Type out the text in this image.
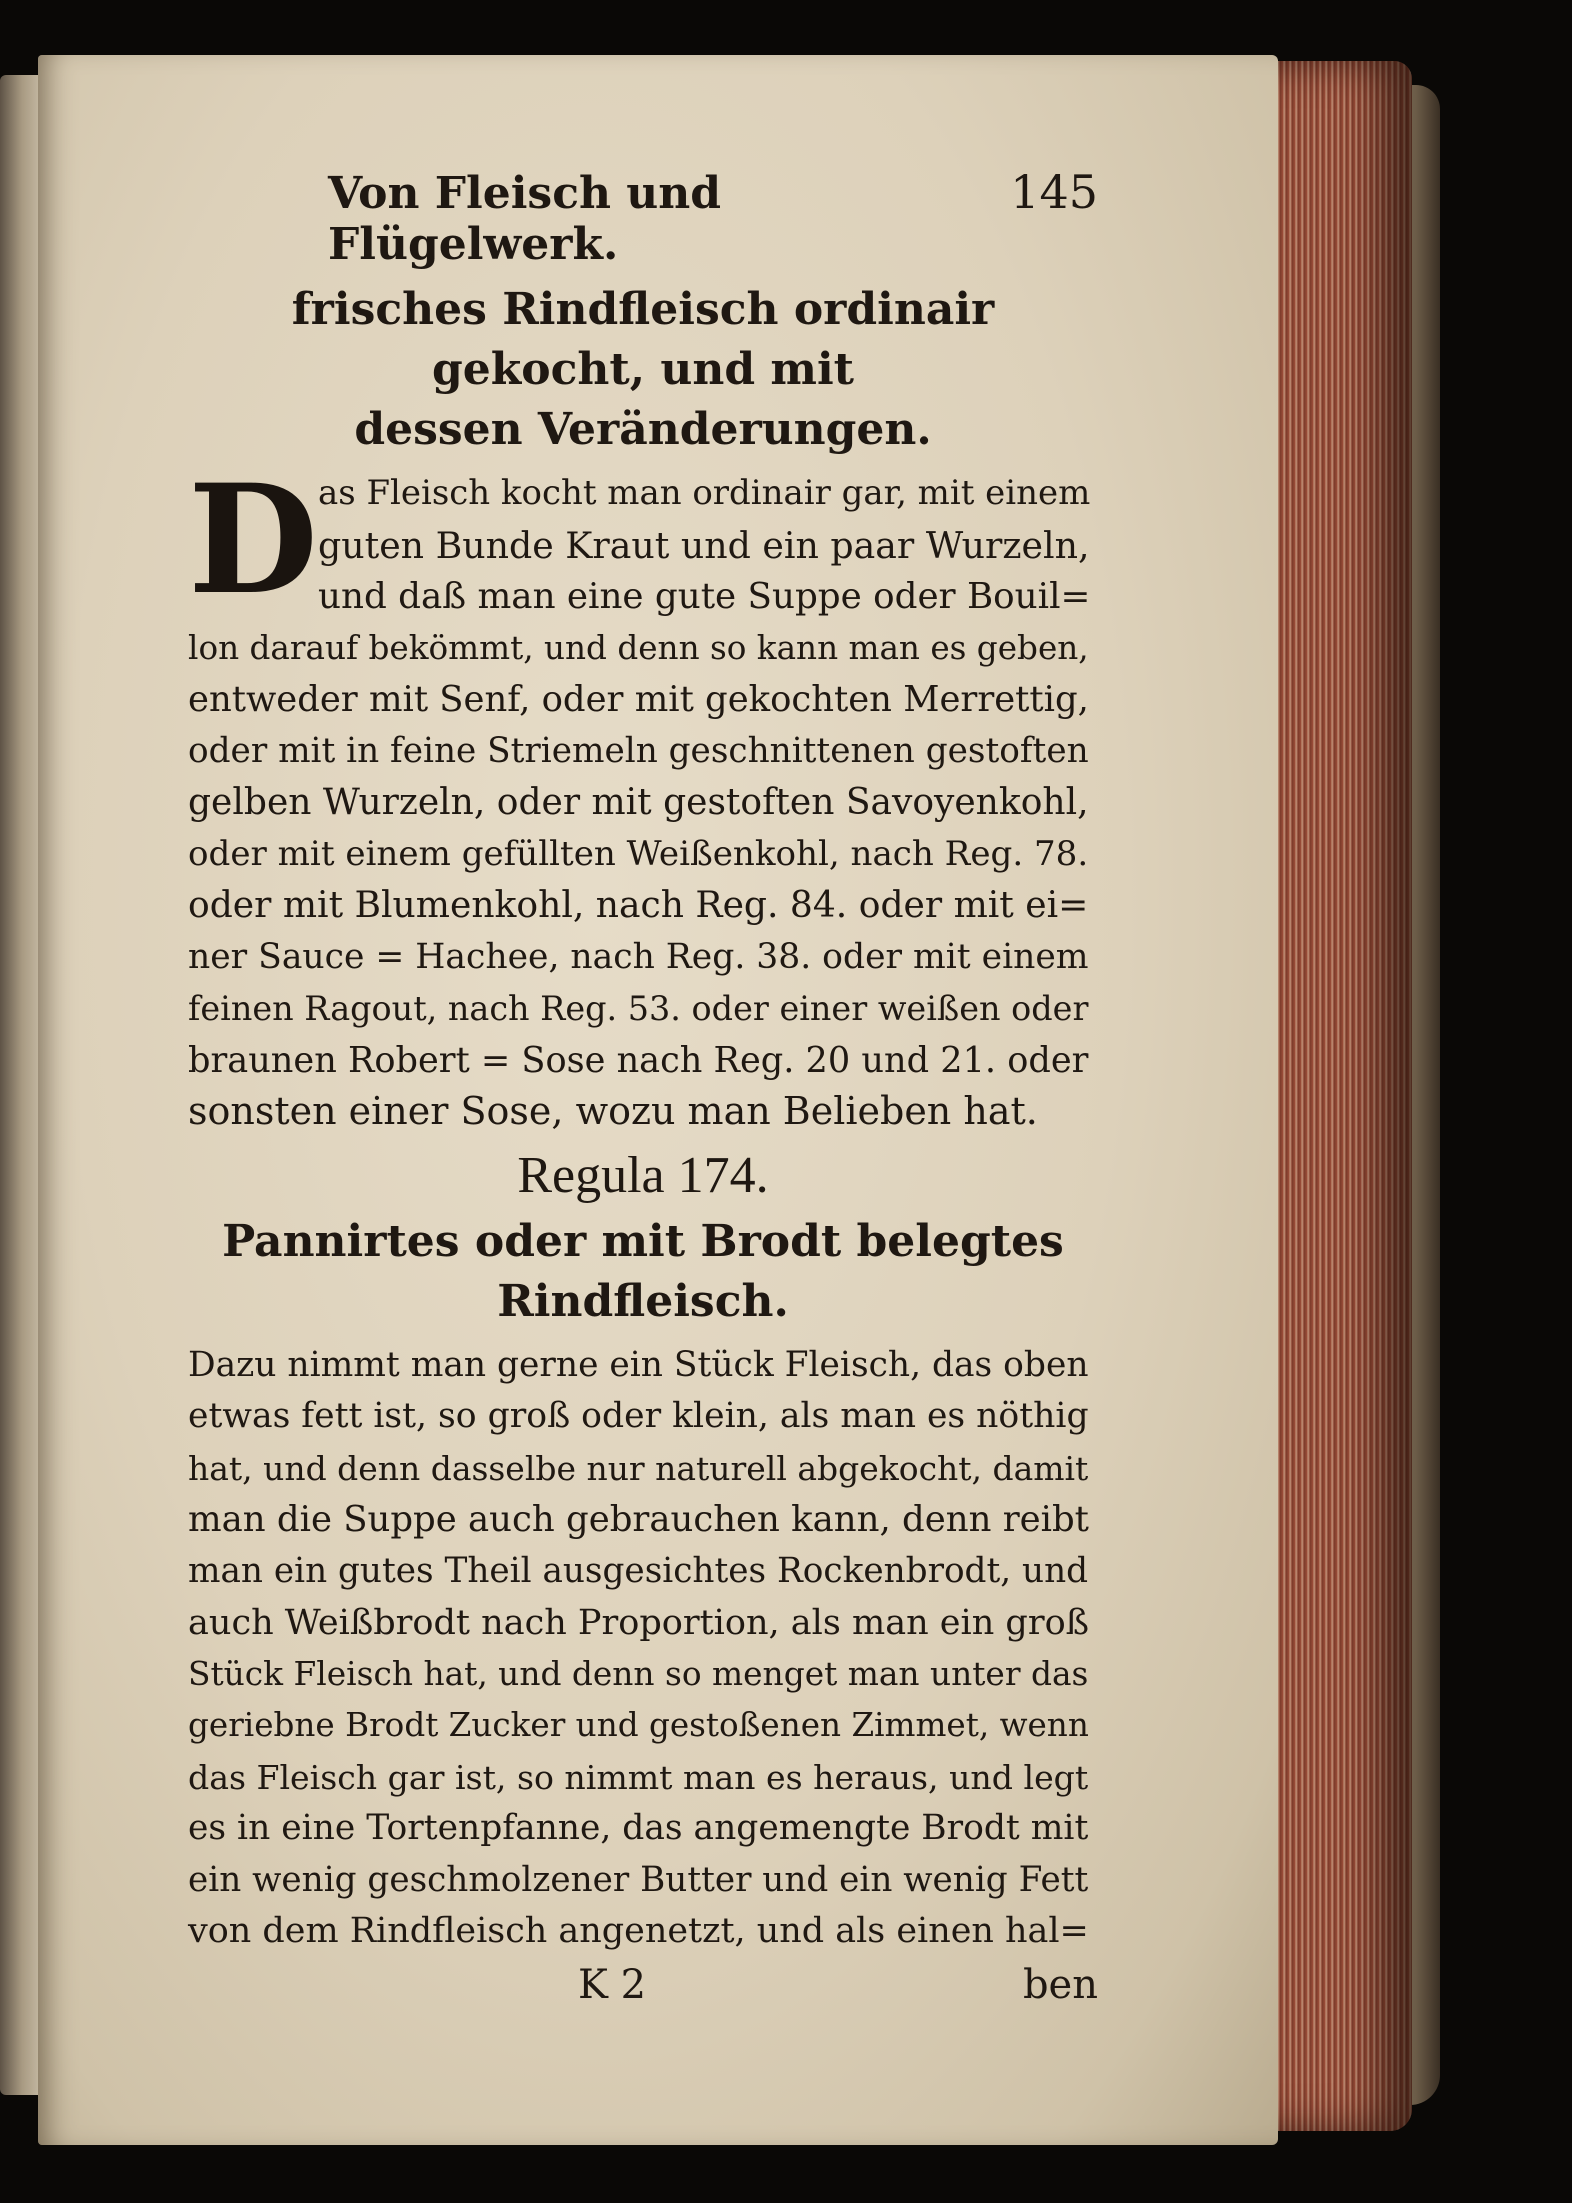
Von Fleisch und Flügelwerk.
145
frisches Rindfleisch ordinair gekocht, und mit
dessen Veränderungen.
D as Fleisch kocht man ordinair gar, mit einem
guten Bunde Kraut und ein paar Wurzeln,
und daß man eine gute Suppe oder Bouil=
lon darauf bekömmt, und denn so kann man es geben,
entweder mit Senf, oder mit gekochten Merrettig,
oder mit in feine Striemeln geschnittenen gestoften
gelben Wurzeln, oder mit gestoften Savoyenkohl,
oder mit einem gefüllten Weißenkohl, nach Reg. 78.
oder mit Blumenkohl, nach Reg. 84. oder mit ei=
ner Sauce = Hachee, nach Reg. 38. oder mit einem
feinen Ragout, nach Reg. 53. oder einer weißen oder
braunen Robert = Sose nach Reg. 20 und 21. oder
sonsten einer Sose, wozu man Belieben hat.
Regula 174.
Pannirtes oder mit Brodt belegtes
Rindfleisch.
Dazu nimmt man gerne ein Stück Fleisch, das oben
etwas fett ist, so groß oder klein, als man es nöthig
hat, und denn dasselbe nur naturell abgekocht, damit
man die Suppe auch gebrauchen kann, denn reibt
man ein gutes Theil ausgesichtes Rockenbrodt, und
auch Weißbrodt nach Proportion, als man ein groß
Stück Fleisch hat, und denn so menget man unter das
geriebne Brodt Zucker und gestoßenen Zimmet, wenn
das Fleisch gar ist, so nimmt man es heraus, und legt
es in eine Tortenpfanne, das angemengte Brodt mit
ein wenig geschmolzener Butter und ein wenig Fett
von dem Rindfleisch angenetzt, und als einen hal=
K 2	ben
